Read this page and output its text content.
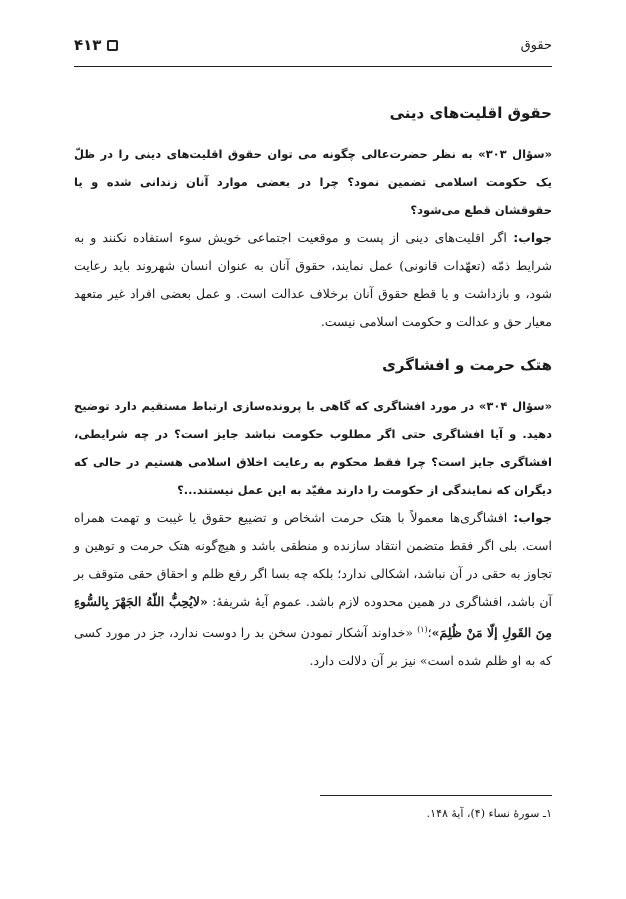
حقوق
۴۱۳
حقوق اقلیت‌های دینی

«سؤال ۳۰۳» به نظر حضرت‌عالی چگونه می توان حقوق اقلیت‌های دینی را در ظلّ یک حکومت اسلامی تضمین نمود؟ چرا در بعضی موارد آنان زندانی شده و یا حقوقشان قطع می‌شود؟

جواب: اگر اقلیت‌های دینی از پست و موقعیت اجتماعی خویش سوء استفاده نکنند و به شرایط ذمّه (تعهّدات قانونی) عمل نمایند، حقوق آنان به عنوان انسان شهروند باید رعایت شود، و بازداشت و یا قطع حقوق آنان برخلاف عدالت است. و عمل بعضی افراد غیر متعهد معیار حق و عدالت و حکومت اسلامی نیست.

هتک حرمت و افشاگری

«سؤال ۳۰۴» در مورد افشاگری که گاهی با پرونده‌سازی ارتباط مستقیم دارد توضیح دهید. و آیا افشاگری حتی اگر مطلوب حکومت نباشد جایز است؟ در چه شرایطی، افشاگری جایز است؟ چرا فقط محکوم به رعایت اخلاق اسلامی هستیم در حالی که دیگران که نمایندگی از حکومت را دارند مقیّد به این عمل نیستند...؟

جواب: افشاگری‌ها معمولاً با هتک حرمت اشخاص و تضییع حقوق یا غیبت و تهمت همراه است. بلی اگر فقط متضمن انتقاد سازنده و منطقی باشد و هیچ‌گونه هتک حرمت و توهین و تجاوز به حقی در آن نباشد، اشکالی ندارد؛ بلکه چه بسا اگر رفع ظلم و احقاق حقی متوقف بر آن باشد، افشاگری در همین محدوده لازم باشد. عموم آیهٔ شریفهٔ: «لایُحِبُّ اللّهُ الجَهْرَ بِالسُّوءِ مِنَ القَولِ إلّا مَنْ ظُلِمَ»؛$^{(۱)}$ «خداوند آشکار نمودن سخن بد را دوست ندارد، جز در مورد کسی که به او ظلم شده است» نیز بر آن دلالت دارد.

۱ـ سورهٔ نساء (۴)، آیهٔ ۱۴۸.
